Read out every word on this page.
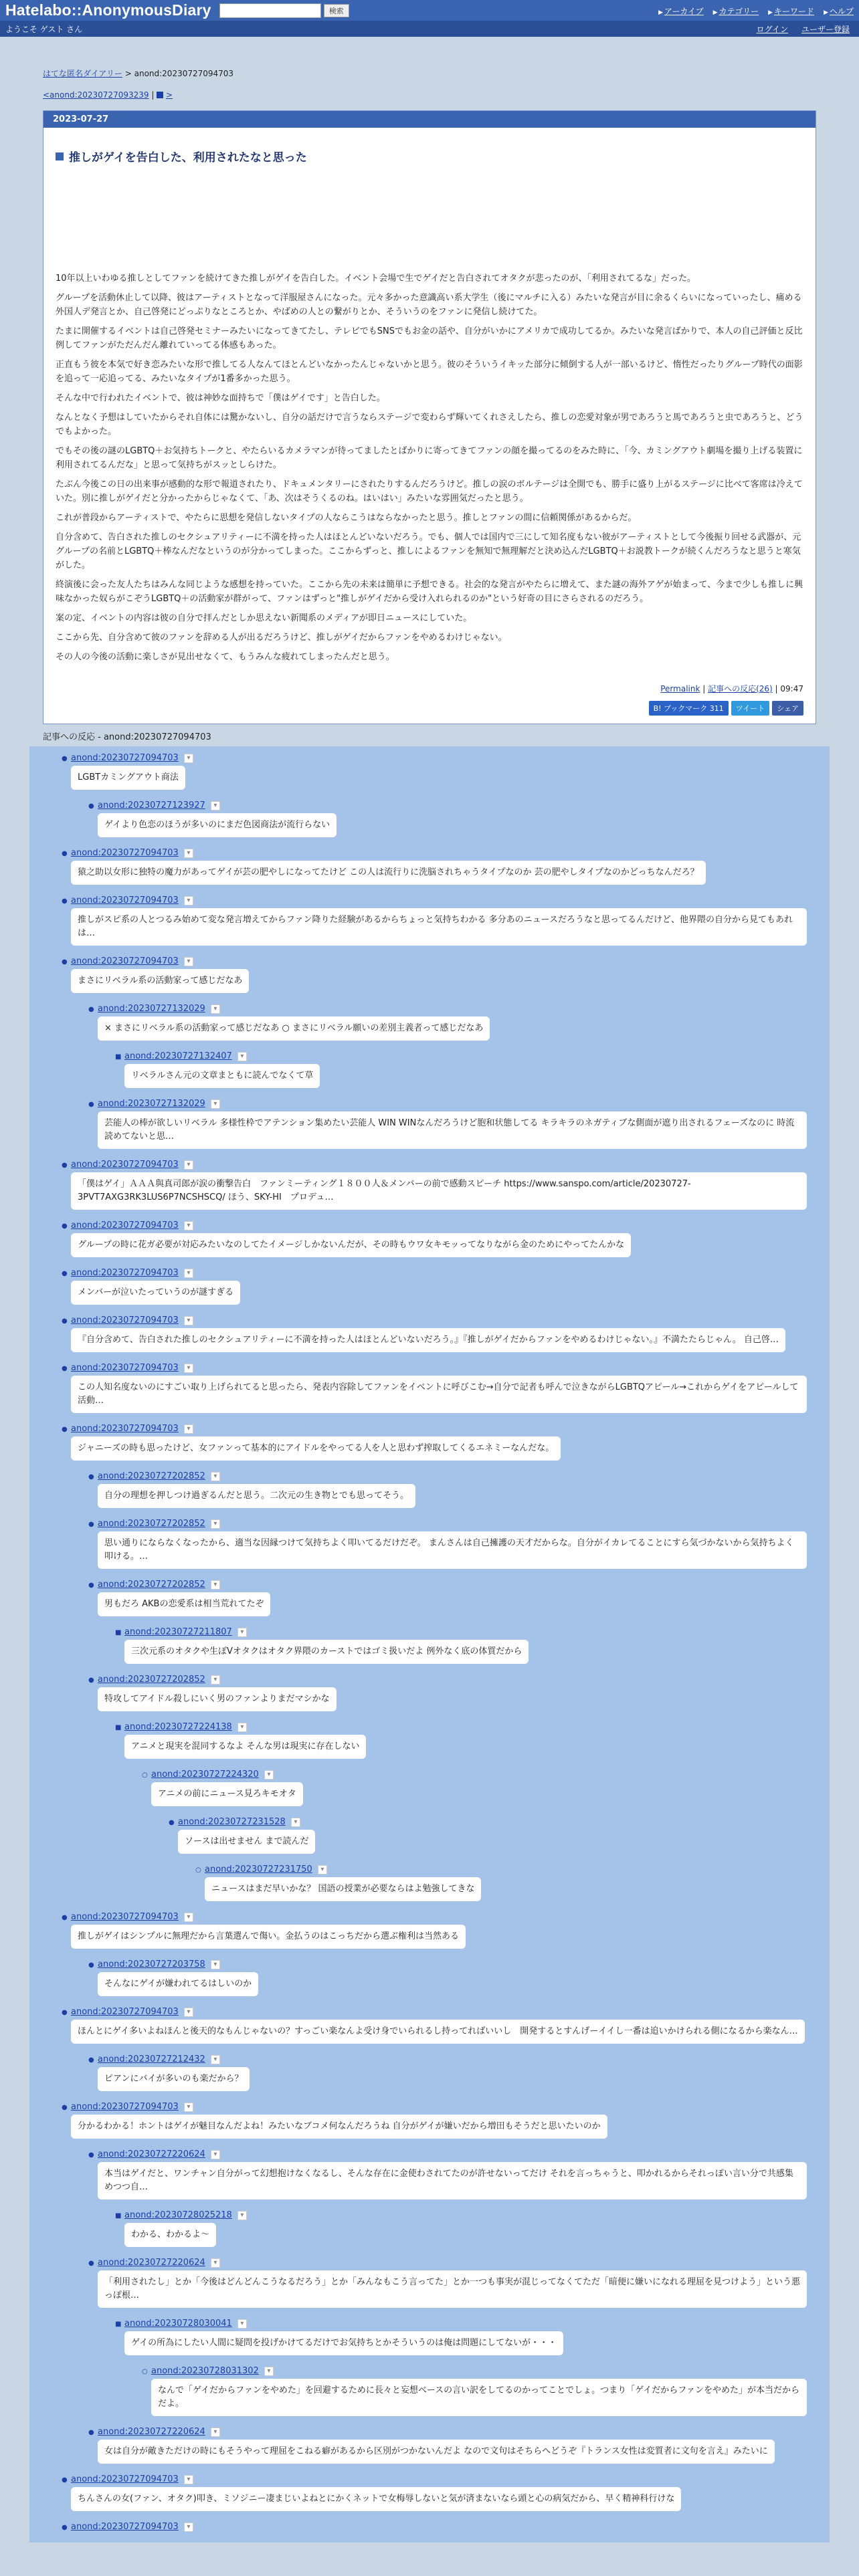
Hatelabo::AnonymousDiary	検索	▶ アーカイブ ▶ カテゴリー ▶ キーワード ▶ ヘルプ
ようこそ ゲスト さん	ログイン ユーザー登録
はてな匿名ダイアリー > anond:20230727094703
<anond:20230727093239 |  >
2023-07-27
推しがゲイを告白した、利用されたなと思った

10年以上いわゆる推しとしてファンを続けてきた推しがゲイを告白した。イベント会場で生でゲイだと告白されてオタクが悲ったのが、「利用されてるな」だった。

グループを活動休止して以降、彼はアーティストとなって洋服屋さんになった。元々多かった意識高い系大学生（後にマルチに入る）みたいな発言が目に余るくらいになっていったし、痛める外国人デ発言とか、自己啓発にどっぷりなところとか、やばめの人との繋がりとか、そういうのをファンに発信し続けてた。

たまに開催するイベントは自己啓発セミナーみたいになってきてたし、テレビでもSNSでもお金の話や、自分がいかにアメリカで成功してるか。みたいな発言ばかりで、本人の自己評価と反比例してファンがただんだん離れていってる体感もあった。

正直もう彼を本気で好き恋みたいな形で推してる人なんてほとんどいなかったんじゃないかと思う。彼のそういうイキッた部分に傾倒する人が一部いるけど、惰性だったりグループ時代の面影を追って一応追ってる、みたいなタイプが1番多かった思う。

そんな中で行われたイベントで、彼は神妙な面持ちで「僕はゲイです」と告白した。

なんとなく予想はしていたからそれ自体には驚かないし、自分の話だけで言うならステージで変わらず輝いてくれさえしたら、推しの恋愛対象が男であろうと馬であろうと虫であろうと、どうでもよかった。

でもその後の謎のLGBTQ＋お気持ちトークと、やたらいるカメラマンが待ってましたとばかりに寄ってきてファンの顔を撮ってるのをみた時に、「今、カミングアウト劇場を撮り上げる装置に利用されてるんだな」と思って気持ちがスッとしらけた。

たぶん今後この日の出来事が感動的な形で報道されたり、ドキュメンタリーにされたりするんだろうけど。推しの涙のボルテージは全開でも、勝手に盛り上がるステージに比べて客席は冷えていた。別に推しがゲイだと分かったからじゃなくて、「あ、次はそうくるのね。はいはい」みたいな雰囲気だったと思う。

これが普段からアーティストで、やたらに思想を発信しないタイプの人ならこうはならなかったと思う。推しとファンの間に信頼関係があるからだ。

自分含めて、告白された推しのセクシュアリティーに不満を持った人はほとんどいないだろう。でも、個人では国内で三にして知名度もない彼がアーティストとして今後振り回せる武器が、元グループの名前とLGBTQ＋棒なんだなというのが分かってしまった。ここからずっと、推しによるファンを無知で無理解だと決め込んだLGBTQ＋お説教トークが続くんだろうなと思うと寒気がした。

終演後に会った友人たちはみんな同じような感想を持っていた。ここから先の未来は簡単に予想できる。社会的な発言がやたらに増えて、また謎の海外アゲが始まって、今まで少しも推しに興味なかった奴らがこぞうLGBTQ＋の活動家が群がって、ファンはずっと"推しがゲイだから受け入れられるのか"という好奇の目にさらされるのだろう。

案の定、イベントの内容は彼の自分で拝んだとしか思えない新聞系のメディアが即日ニュースにしていた。

ここから先、自分含めて彼のファンを辞める人が出るだろうけど、推しがゲイだからファンをやめるわけじゃない。

その人の今後の活動に楽しさが見出せなくて、もうみんな疲れてしまったんだと思う。

Permalink | 記事への反応(26) | 09:47
B! ブックマーク 311 ツイート シェア
記事への反応 - anond:20230727094703
● anond:20230727094703	▾
LGBTカミングアウト商法
● anond:20230727123927	▾
ゲイより色恋のほうが多いのにまだ色図商法が流行らない
● anond:20230727094703	▾
猿之助以女形に独特の魔力があってゲイが芸の肥やしになってたけど この人は流行りに洗脳されちゃうタイプなのか 芸の肥やしタイプなのかどっちなんだろ？
● anond:20230727094703	▾
推しがスピ系の人とつるみ始めて変な発言増えてからファン降りた経験があるからちょっと気持ちわかる 多分あのニュースだろうなと思ってるんだけど、他界隈の自分から見てもあれは…
● anond:20230727094703	▾
まさにリベラル系の活動家って感じだなあ
● anond:20230727132029	▾
× まさにリベラル系の活動家って感じだなあ ○ まさにリベラル願いの差別主義者って感じだなあ
■ anond:20230727132407	▾
リベラルさん元の文章まともに読んでなくて草
● anond:20230727132029	▾
芸能人の棒が欲しいリベラル 多様性枠でアテンション集めたい芸能人 WIN WINなんだろうけど胞和状態してる キラキラのネガティブな側面が遮り出されるフェーズなのに 時流読めてないと思…
● anond:20230727094703	▾
「僕はゲイ」ＡＡＡ與真司郎が涙の衝撃告白　ファンミーティング１８００人＆メンバーの前で感動スピーチ https://www.sanspo.com/article/20230727-3PVT7AXG3RK3LUS6P7NCSHSCQ/ ほう、SKY-HI　プロデュ…
● anond:20230727094703	▾
グループの時に花ガ必要が対応みたいなのしてたイメージしかないんだが、その時もウワ女キモッってなりながら金のためにやってたんかな
● anond:20230727094703	▾
メンバーが泣いたっていうのが謎すぎる
● anond:20230727094703	▾
『自分含めて、告白された推しのセクシュアリティーに不満を持った人はほとんどいないだろう。』『推しがゲイだからファンをやめるわけじゃない。』不満たたらじゃん。 自己啓…
● anond:20230727094703	▾
この人知名度ないのにすごい取り上げられてると思ったら、発表内容除してファンをイベントに呼びこむ→自分で記者も呼んで泣きながらLGBTQアピール→これからゲイをアピールして活動…
● anond:20230727094703	▾
ジャニーズの時も思ったけど、女ファンって基本的にアイドルをやってる人を人と思わず搾取してくるエネミーなんだな。
● anond:20230727202852	▾
自分の理想を押しつけ過ぎるんだと思う。二次元の生き物とでも思ってそう。
● anond:20230727202852	▾
思い通りにならなくなったから、適当な因縁つけて気持ちよく叩いてるだけだぞ。 まんさんは自己擁護の天才だからな。自分がイカレてることにすら気づかないから気持ちよく叩ける。…
● anond:20230727202852	▾
男もだろ AKBの恋愛系は相当荒れてたぞ
■ anond:20230727211807	▾
三次元系のオタクや生ぽVオタクはオタク界隈のカーストではゴミ扱いだよ 例外なく底の体質だから
● anond:20230727202852	▾
特攻してアイドル殺しにいく男のファンよりまだマシかな
■ anond:20230727224138	▾
アニメと現実を混同するなよ そんな男は現実に存在しない
○ anond:20230727224320	▾
アニメの前にニュース見ろキモオタ
● anond:20230727231528	▾
ソースは出せません まで読んだ
○ anond:20230727231750	▾
ニュースはまだ早いかな？ 国語の授業が必要ならはよ勉強してきな
● anond:20230727094703	▾
推しがゲイはシンプルに無理だから言葉選んで傷い。金払うのはこっちだから選ぶ権利は当然ある
● anond:20230727203758	▾
そんなにゲイが嫌われてるはしいのか
● anond:20230727094703	▾
ほんとにゲイ多いよねほんと後天的なもんじゃないの？すっごい楽なんよ受け身でいられるし持ってればいいし　開発するとすんげーイイし一番は追いかけられる側になるから楽なん…
● anond:20230727212432	▾
ピアンにバイが多いのも楽だから？
● anond:20230727094703	▾
分かるわかる！ホントはゲイが魅目なんだよね！みたいなブコメ何なんだろうね 自分がゲイが嫌いだから増田もそうだと思いたいのか
● anond:20230727220624	▾
本当はゲイだと、ワンチャン自分がって幻想抱けなくなるし、そんな存在に金使わされてたのが許せないってだけ それを言っちゃうと、叩かれるからそれっぽい言い分で共感集めつつ自…
■ anond:20230728025218	▾
わかる、わかるよ〜
● anond:20230727220624	▾
「利用されたし」とか「今後はどんどんこうなるだろう」とか「みんなもこう言ってた」とか一つも事実が混じってなくてただ「暗便に嫌いになれる理屈を見つけよう」という悪っぽ根…
■ anond:20230728030041	▾
ゲイの所為にしたい人間に疑問を投げかけてるだけでお気持ちとかそういうのは俺は問題にしてないが・・・
○ anond:20230728031302	▾
なんで「ゲイだからファンをやめた」を回避するために長々と妄想ベースの言い訳をしてるのかってことでしょ。つまり「ゲイだからファンをやめた」が本当だからだよ。
● anond:20230727220624	▾
女は自分が敵きただけの時にもそうやって理屈をこねる癖があるから区別がつかないんだよ なので文句はそちらへどうぞ『トランス女性は変質者に文句を言え』みたいに
● anond:20230727094703	▾
ちんさんの女(ファン、オタク)叩き、ミソジニー凄まじいよねとにかくネットで女梅辱しないと気が済まないなら頭と心の病気だから、早く精神科行けな
● anond:20230727094703	▾
